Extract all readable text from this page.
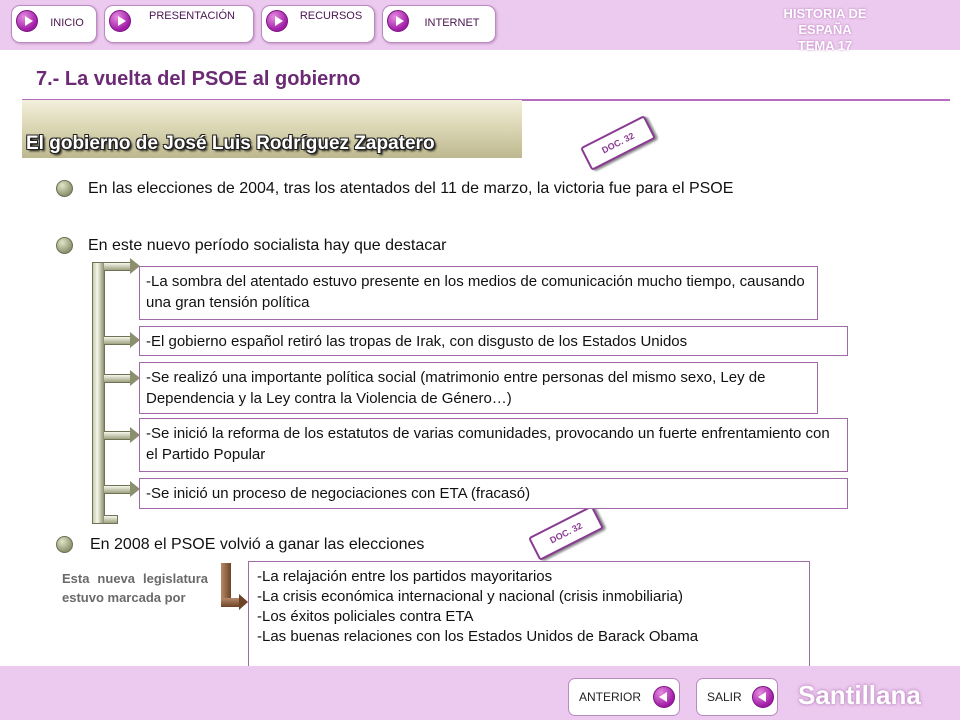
INICIO
PRESENTACIÓN	RECURSOS
INTERNET
HISTORIA DE ESPAÑA
TEMA 17
7.- La vuelta del PSOE al gobierno
El gobierno de José Luis Rodríguez Zapatero	DOC. 32
DOC. 32
En las elecciones de 2004, tras los atentados del 11 de marzo, la victoria fue para el PSOE
En este nuevo período socialista hay que destacar
-La sombra del atentado estuvo presente en los medios de comunicación mucho tiempo, causando una gran tensión política
-El gobierno español retiró las tropas de Irak, con disgusto de los Estados Unidos
-Se realizó una importante política social (matrimonio entre personas del mismo sexo, Ley de Dependencia y la Ley contra la Violencia de Género…)
-Se inició la reforma de los estatutos de varias comunidades, provocando un fuerte enfrentamiento con el Partido Popular
-Se inició un proceso de negociaciones con ETA (fracasó)
En 2008 el PSOE volvió a ganar las elecciones
Esta nueva legislatura estuvo marcada por
-La relajación entre los partidos mayoritarios
-La crisis económica internacional y nacional (crisis inmobiliaria)
-Los éxitos policiales contra ETA
-Las buenas relaciones con los Estados Unidos de Barack Obama
ANTERIOR	SALIR Santillana
